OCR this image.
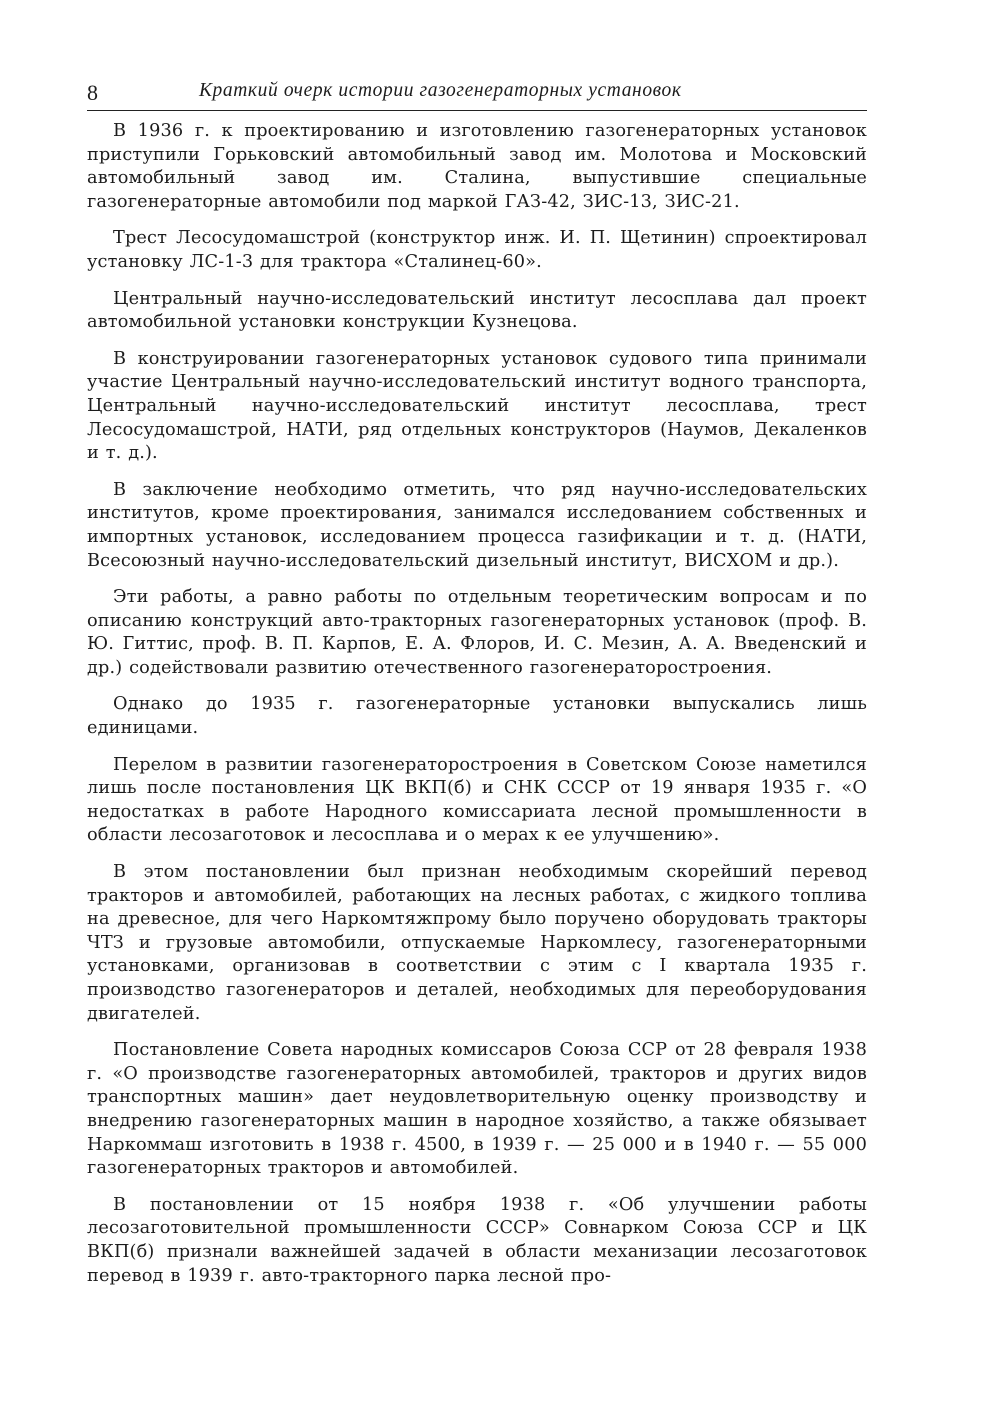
8	Краткий очерк истории газогенераторных установок

В 1936 г. к проектированию и изготовлению газогенераторных установок приступили Горьковский автомобильный завод им. Молотова и Московский автомобильный завод им. Сталина, выпустившие специальные газогенераторные автомобили под маркой ГАЗ-42, ЗИС-13, ЗИС-21.

Трест Лесосудомашстрой (конструктор инж. И. П. Щетинин) спроектировал установку ЛС-1-3 для трактора «Сталинец-60».

Центральный научно-исследовательский институт лесосплава дал проект автомобильной установки конструкции Кузнецова.

В конструировании газогенераторных установок судового типа принимали участие Центральный научно-исследовательский институт водного транспорта, Центральный научно-исследовательский институт лесосплава, трест Лесосудомашстрой, НАТИ, ряд отдельных конструкторов (Наумов, Декаленков и т. д.).

В заключение необходимо отметить, что ряд научно-исследовательских институтов, кроме проектирования, занимался исследованием собственных и импортных установок, исследованием процесса газификации и т. д. (НАТИ, Всесоюзный научно-исследовательский дизельный институт, ВИСХОМ и др.).

Эти работы, а равно работы по отдельным теоретическим вопросам и по описанию конструкций авто-тракторных газогенераторных установок (проф. В. Ю. Гиттис, проф. В. П. Карпов, Е. А. Флоров, И. С. Мезин, А. А. Введенский и др.) содействовали развитию отечественного газогенераторостроения.

Однако до 1935 г. газогенераторные установки выпускались лишь единицами.

Перелом в развитии газогенераторостроения в Советском Союзе наметился лишь после постановления ЦК ВКП(б) и СНК СССР от 19 января 1935 г. «О недостатках в работе Народного комиссариата лесной промышленности в области лесозаготовок и лесосплава и о мерах к ее улучшению».

В этом постановлении был признан необходимым скорейший перевод тракторов и автомобилей, работающих на лесных работах, с жидкого топлива на древесное, для чего Наркомтяжпрому было поручено оборудовать тракторы ЧТЗ и грузовые автомобили, отпускаемые Наркомлесу, газогенераторными установками, организовав в соответствии с этим с I квартала 1935 г. производство газогенераторов и деталей, необходимых для переоборудования двигателей.

Постановление Совета народных комиссаров Союза ССР от 28 февраля 1938 г. «О производстве газогенераторных автомобилей, тракторов и других видов транспортных машин» дает неудовлетворительную оценку производству и внедрению газогенераторных машин в народное хозяйство, а также обязывает Наркоммаш изготовить в 1938 г. 4500, в 1939 г. — 25 000 и в 1940 г. — 55 000 газогенераторных тракторов и автомобилей.

В постановлении от 15 ноября 1938 г. «Об улучшении работы лесозаготовительной промышленности СССР» Совнарком Союза ССР и ЦК ВКП(б) признали важнейшей задачей в области механизации лесозаготовок перевод в 1939 г. авто-тракторного парка лесной про-
